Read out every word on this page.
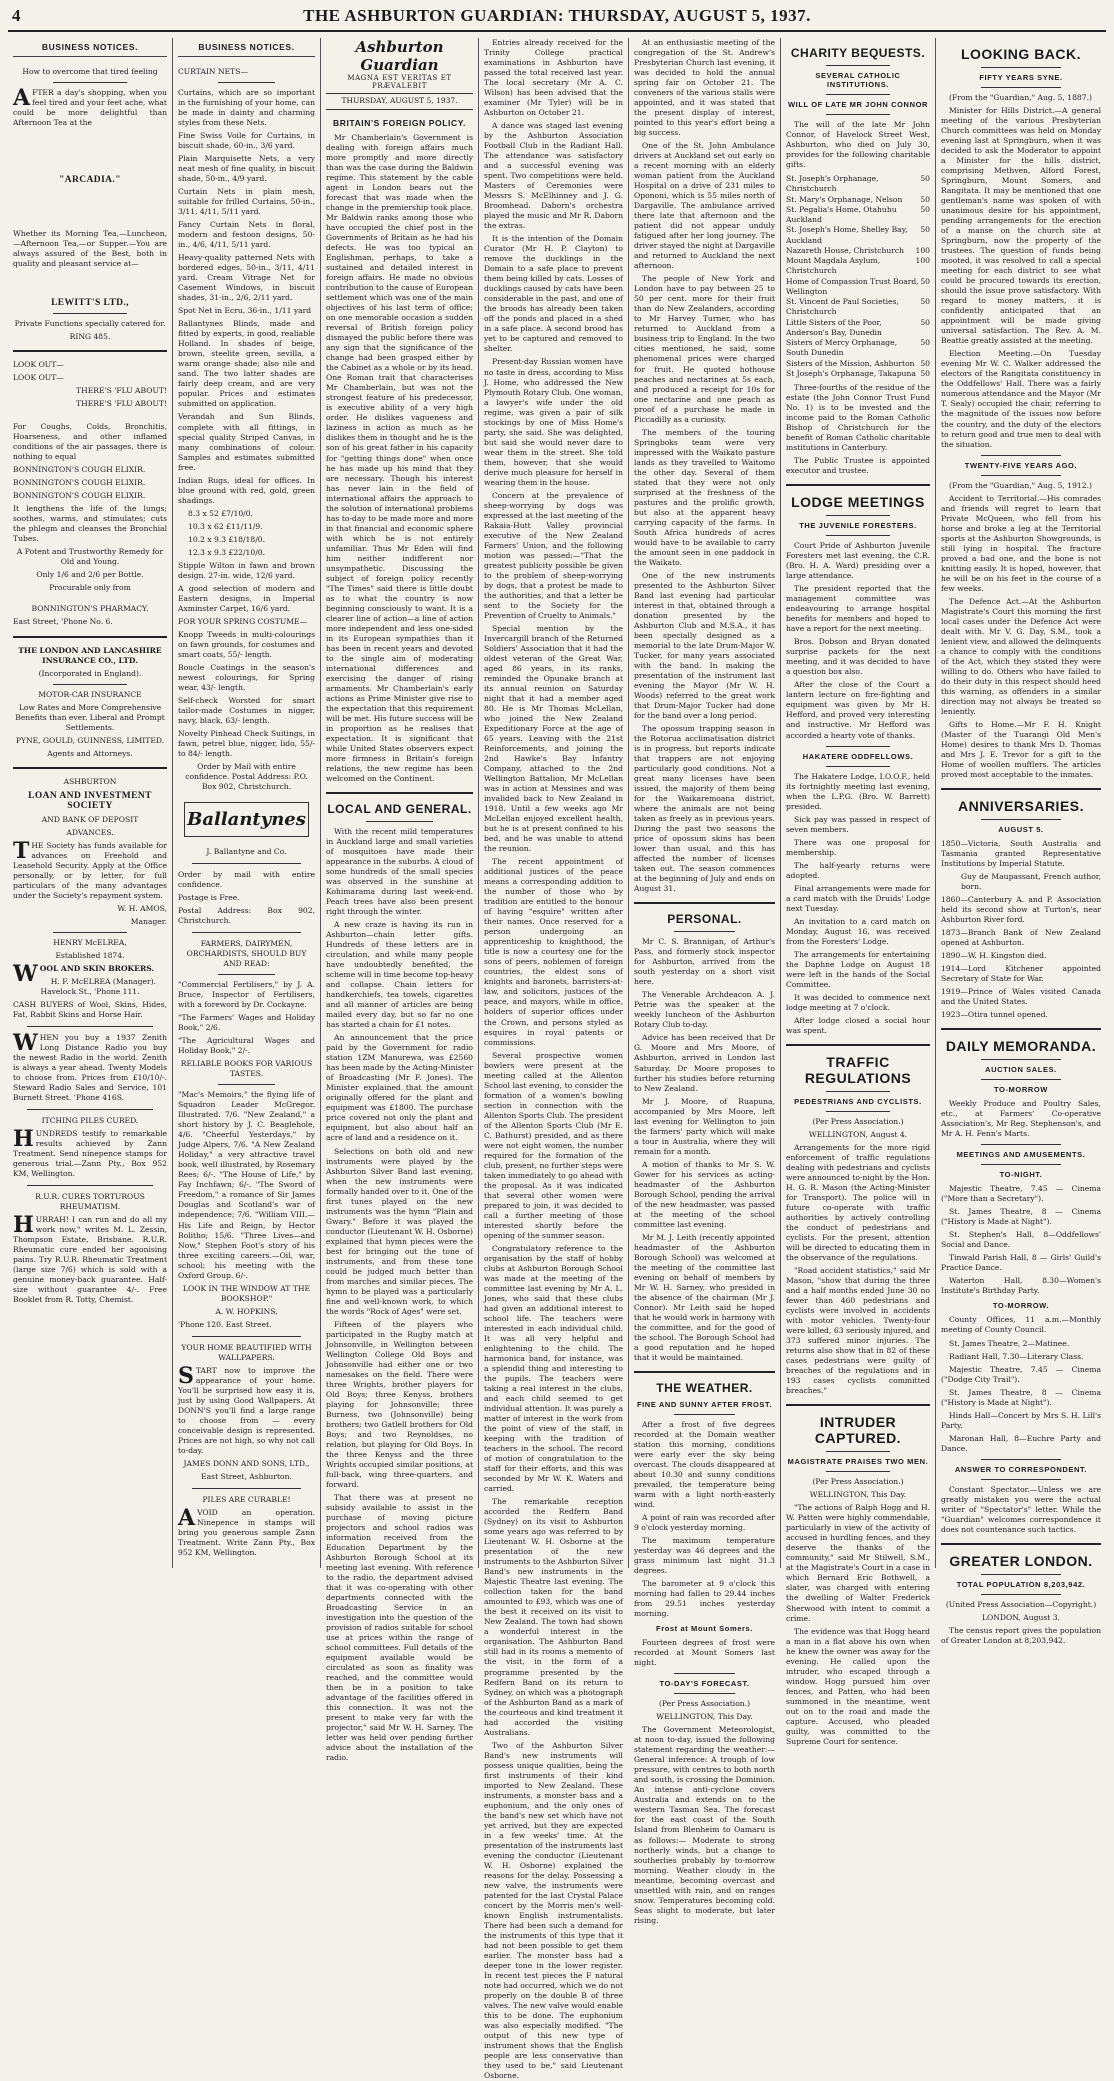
4	THE ASHBURTON GUARDIAN: THURSDAY, AUGUST 5, 1937.
BUSINESS NOTICES.

How to overcome that tired feeling

AFTER a day's shopping, when you feel tired and your feet ache, what could be more delightful than Afternoon Tea at the
"ARCADIA."

Whether its Morning Tea,—Luncheon, —Afternoon Tea,—or Supper.—You are always assured of the Best, both in quality and pleasant service at—

LEWITT'S LTD.,

Private Functions specially catered for.

RING 485.

LOOK OUT—

LOOK OUT—

THERE'S 'FLU ABOUT!

THERE'S 'FLU ABOUT!

For Coughs, Colds, Bronchitis, Hoarseness, and other inflamed conditions of the air passages, there is nothing to equal

BONNINGTON'S COUGH ELIXIR.

BONNINGTON'S COUGH ELIXIR.

BONNINGTON'S COUGH ELIXIR.

It lengthens the life of the lungs; soothes, warms, and stimulates; cuts the phlegm and cleanses the Bronchial Tubes.

A Potent and Trustworthy Remedy for Old and Young.

Only 1/6 and 2/6 per Bottle.

Procurable only from

BONNINGTON'S PHARMACY.

East Street, 'Phone No. 6.

THE LONDON AND LANCASHIRE INSURANCE CO., LTD.

(Incorporated in England).

MOTOR-CAR INSURANCE

Low Rates and More Comprehensive Benefits than ever. Liberal and Prompt Settlements.

PYNE, GOULD, GUINNESS, LIMITED.

Agents and Attorneys.

ASHBURTON

LOAN AND INVESTMENT SOCIETY

AND BANK OF DEPOSIT

ADVANCES.

THE Society has funds available for advances on Freehold and Leasehold Security. Apply at the Office personally, or by letter, for full particulars of the many advantages under the Society's repayment system.

W. H. AMOS,

Manager.

HENRY McELREA,

Established 1874.

WOOL AND SKIN BROKERS.

H. F. McELREA (Manager). Havelock St., 'Phone 111.

CASH BUYERS of Wool, Skins, Hides, Fat, Rabbit Skins and Horse Hair.

WHEN you buy a 1937 Zenith Long Distance Radio you buy the newest Radio in the world. Zenith is always a year ahead. Twenty Models to choose from. Prices from £10/10/-. Steward Radio Sales and Service, 101 Burnett Street. 'Phone 416S.

ITCHING PILES CURED.

HUNDREDS testify to remarkable results achieved by Zann Treatment. Send ninepence stamps for generous trial.—Zann Pty., Box 952 KM, Wellington.

R.U.R. CURES TORTUROUS RHEUMATISM.

HURRAH! I can run and do all my work now," writes M. L. Zessin, Thompson Estate, Brisbane. R.U.R. Rheumatic cure ended her agonising pains. Try R.U.R. Rheumatic Treatment (large size 7/6) which is sold with a genuine money-back guarantee. Half-size without guarantee 4/-. Free Booklet from R. Totty, Chemist.
BUSINESS NOTICES.

CURTAIN NETS—

Curtains, which are so important in the furnishing of your home, can be made in dainty and charming styles from these Nets.

Fine Swiss Voile for Curtains, in biscuit shade, 60-in., 3/6 yard.

Plain Marquisette Nets, a very neat mesh of fine quality, in biscuit shade, 50-in., 4/9 yard.

Curtain Nets in plain mesh, suitable for frilled Curtains, 50-in., 3/11, 4/11, 5/11 yard.

Fancy Curtain Nets in floral, modern and festoon designs, 50-in., 4/6, 4/11, 5/11 yard.

Heavy-quality patterned Nets with bordered edges, 50-in., 3/11, 4/11 yard. Cream Vitrage Net for Casement Windows, in biscuit shades, 31-in., 2/6, 2/11 yard.

Spot Net in Ecru, 36-in., 1/11 yard

Ballantynes Blinds, made and fitted by experts, in good, realiable Holland. In shades of beige, brown, steelite green, sevilla, a warm orange shade; also nile and sand. The two latter shades are fairly deep cream, and are very popular. Prices and estimates submitted on application.

Verandah and Sun Blinds, complete with all fittings, in special quality Striped Canvas, in many combinations of colour. Samples and estimates submitted free.

Indian Rugs, ideal for offices. In blue ground with red, gold, green shadings.

8.3 x 52 £7/10/0.

10.3 x 62 £11/11/9.

10.2 x 9.3 £18/18/0.

12.3 x 9.3 £22/10/0.

Stipple Wilton in fawn and brown design. 27-in. wide, 12/6 yard.

A good selection of modern and Eastern designs, in Imperial Axminster Carpet, 16/6 yard.

FOR YOUR SPRING COSTUME—

Knopp Tweeds in multi-colourings on fawn grounds, for costumes and smart coats, 55/- length.

Boucle Coatings in the season's newest colourings, for Spring wear, 43/- length.

Self-check Worsted for smart tailor-made Costumes in nigger, navy, black, 63/- length.

Novelty Pinhead Check Suitings, in fawn, petrel blue, nigger, lido, 55/- to 84/- length.

Order by Mail with entire confidence. Postal Address: P.O. Box 902, Christchurch.

Ballantynes

J. Ballantyne and Co.

Order by mail with entire confidence.

Postage is Free.

Postal Address: Box 902, Christchurch.

FARMERS, DAIRYMEN, ORCHARDISTS, SHOULD BUY AND READ:

"Commercial Fertilisers," by J. A. Bruce, Inspector of Fertilisers, with a foreword by Dr. Cockayne.

"The Farmers' Wages and Holiday Book," 2/6.

"The Agricultural Wages and Holiday Book," 2/-.

RELIABLE BOOKS FOR VARIOUS TASTES.

"Mac's Memoirs," the flying life of Squadron Leader McGregor. Illustrated. 7/6. "New Zealand," a short history by J. C. Beaglehole, 4/6. "Cheerful Yesterdays," by Judge Alpers, 7/6. "A New Zealand Holiday," a very attractive travel book, well illustrated, by Rosemary Rees; 6/-. "The House of Life," by Fay Inchfawn; 6/-. "The Sword of Freedom," a romance of Sir James Douglas and Scotland's war of independence; 7/6. "William VIII.—His Life and Reign, by Hector Bolitho; 15/6. "Three Lives—and Now," Stephen Foot's story of his three exciting careers.—Oil, war, school; his meeting with the Oxford Group. 6/-.

LOOK IN THE WINDOW AT THE BOOKSHOP."

A. W. HOPKINS,

'Phone 120. East Street.

YOUR HOME BEAUTIFIED WITH WALLPAPERS.

START now to improve the appearance of your home. You'll be surprised how easy it is, just by using Good Wallpapers. At DONN'S you'll find a large range to choose from — every conceivable design is represented. Prices are not high, so why not call to-day.

JAMES DONN AND SONS, LTD.,

East Street, Ashburton.

PILES ARE CURABLE!

AVOID an operation. Ninepence in stamps will bring you generous sample Zann Treatment. Write Zann Pty., Box 952 KM, Wellington.
Ashburton Guardian
MAGNA EST VERITAS ET PRÆVALEBIT
THURSDAY, AUGUST 5, 1937.
BRITAIN'S FOREIGN POLICY.

Mr Chamberlain's Government is dealing with foreign affairs much more promptly and more directly than was the case during the Baldwin regime. This statement by the cable agent in London bears out the forecast that was made when the change in the premiership took place. Mr Baldwin ranks among those who have occupied the chief post in the Governments of Britain as he had his defects. He was too typical an Englishman, perhaps, to take a sustained and detailed interest in foreign affairs. He made no obvious contribution to the cause of European settlement which was one of the main objectives of his last term of office; on one memorable occasion a sudden reversal of British foreign policy dismayed the public before there was any sign that the significance of the change had been grasped either by the Cabinet as a whole or by its head. One Roman trait that characterises Mr Chamberlain, but was not the strongest feature of his predecessor, is executive ability of a very high order. He dislikes vagueness and laziness in action as much as he dislikes them in thought and he is the son of his great father in his capacity for "getting things done" when once he has made up his mind that they are necessary. Though his interest has never lain in the field of international affairs the approach to the solution of international problems has to-day to be made more and more in that financial and economic sphere with which he is not entirely unfamiliar. Thus Mr Eden will find him neither indifferent nor unsympathetic. Discussing the subject of foreign policy recently "The Times" said there is little doubt as to what the country is now beginning consciously to want. It is a clearer line of action—a line of action more independent and less one-sided in its European sympathies than it has been in recent years and devoted to the single aim of moderating international differences and exercising the danger of rising armaments. Mr Chamberlain's early actions as Prime Minister give rise to the expectation that this requirement will be met. His future success will be in proportion as he realises that expectation. It is significant that while United States observers expect more firmness in Britain's foreign relations, the new regime has been welcomed on the Continent.

LOCAL AND GENERAL.

With the recent mild temperatures in Auckland large and small varieties of mosquitoes have made their appearance in the suburbs. A cloud of some hundreds of the small species was observed in the sunshine at Kohimarama during last week-end. Peach trees have also been present right through the winter.

A new craze is having its run in Ashburton—chain letter gifts. Hundreds of these letters are in circulation, and while many people have undoubtedly benefited, the scheme will in time become top-heavy and collapse. Chain letters for handkerchiefs, tea towels, cigarettes and all manner of articles are being mailed every day, but so far no one has started a chain for £1 notes.

An announcement that the price paid by the Government for radio station 1ZM Manurewa, was £2560 has been made by the Acting-Minister of Broadcasting (Mr F. Jones). The Minister explained that the amount originally offered for the plant and equipment was £1800. The purchase price covered not only the plant and equipment, but also about half an acre of land and a residence on it.

Selections on both old and new instruments were played by the Ashburton Silver Band last evening, when the new instruments were formally handed over to it. One of the first tunes played on the new instruments was the hymn "Plain and Gwary." Before it was played the conductor (Lieutenant W. H. Osborne) explained that hymn pieces were the best for bringing out the tone of instruments, and from these tone could be judged much better than from marches and similar pieces. The hymn to be played was a particularly fine and well-known work, to which the words "Rock of Ages" were set.

Fifteen of the players who participated in the Rugby match at Johnsonville, in Wellington between Wellington College Old Boys and Johnsonville had either one or two namesakes on the field. There were three Wrights, brother players for Old Boys; three Kenyss, brothers playing for Johnsonville; three Burness, two (Johnsonville) being brothers; two Gatlell brothers for Old Boys; and two Reynoldses, no relation, but playing for Old Boys. In the three Kenyss and the three Wrights occupied similar positions, at full-back, wing three-quarters, and forward.

That there was at present no subsidy available to assist in the purchase of moving picture projectors and school radios was information received from the Education Department by the Ashburton Borough School at its meeting last evening. With reference to the radio, the department advised that it was co-operating with other departments connected with the Broadcasting Service in an investigation into the question of the provision of radios suitable for school use at prices within the range of school committees. Full details of the equipment available would be circulated as soon as finality was reached, and the committee would then be in a position to take advantage of the facilities offered in this connection. It was not the present to make very far with the projector," said Mr W. H. Sarney. The letter was held over pending further advice about the installation of the radio.

Entries already received for the Trinity College practical examinations in Ashburton have passed the total received last year. The local secretary (Mr A. C. Wilson) has been advised that the examiner (Mr Tyler) will be in Ashburton on October 21.

A dance was staged last evening by the Ashburton Association Football Club in the Radiant Hall. The attendance was satisfactory and a successful evening was spent. Two competitions were held. Masters of Ceremonies were Messrs S. McElhinney and J. G. Broomhead. Daborn's orchestra played the music and Mr R. Daborn the extras.

It is the intention of the Domain Curator (Mr H. P. Clayton) to remove the ducklings in the Domain to a safe place to prevent them being killed by cats. Losses of ducklings caused by cats have been considerable in the past, and one of the broods has already been taken off the ponds and placed in a shed in a safe place. A second brood has yet to be captured and removed to shelter.

Present-day Russian women have no taste in dress, according to Miss J. Home, who addressed the New Plymouth Rotary Club. One woman, a lawyer's wife under the old regime, was given a pair of silk stockings by one of Miss Home's party, she said. She was delighted, but said she would never dare to wear them in the street. She told them, however, that she would derive much pleasure for herself in wearing them in the house.

Concern at the prevalence of sheep-worrying by dogs was expressed at the last meeting of the Rakaia-Hutt Valley provincial executive of the New Zealand Farmers' Union, and the following motion was passed:—"That the greatest publicity possible be given to the problem of sheep-worrying by dogs, that a protest be made to the authorities, and that a letter be sent to the Society for the Prevention of Cruelty to Animals."

Special mention by the Invercargill branch of the Returned Soldiers' Association that it had the oldest veteran of the Great War, aged 86 years, in its ranks, reminded the Opunake branch at its annual reunion on Saturday night that it had a member aged 80. He is Mr Thomas McLellan, who joined the New Zealand Expeditionary Force at the age of 65 years. Leaving with the 21st Reinforcements, and joining the 2nd Hawke's Bay Infantry Company, attached to the 2nd Wellington Battalion, Mr McLellan was in action at Messines and was invalided back to New Zealand in 1918. Until a few weeks ago Mr McLellan enjoyed excellent health, but he is at present confined to his bed, and he was unable to attend the reunion.

The recent appointment of additional justices of the peace means a corresponding addition to the number of those who by tradition are entitled to the honour of having "esquire" written after their names. Once reserved for a person undergoing an apprenticeship to knighthood, the title is now a courtesy one for the sons of peers, noblemen of foreign countries, the eldest sons of knights and baronets, barristers-at-law, and solicitors, justices of the peace, and mayors, while in office, holders of superior offices under the Crown, and persons styled as esquires in royal patents or commissions.

Several prospective women bowlers were present at the meeting called at the Allenton School last evening, to consider the formation of a women's bowling section in connection with the Allenton Sports Club. The president of the Allenton Sports Club (Mr E. C. Bathurst) presided, and as there were not eight women, the number required for the formation of the club, present, no further steps were taken immediately to go ahead with the proposal. As it was indicated that several other women were prepared to join, it was decided to call a further meeting of those interested shortly before the opening of the summer season.

Congratulatory reference to the organisation by the staff of hobby clubs at Ashburton Borough School was made at the meeting of the committee last evening by Mr A. L. Jones, who said that these clubs had given an additional interest to school life. The teachers were interested in each individual child. It was all very helpful and enlightening to the child. The harmonica band, for instance, was a splendid thing and interesting to the pupils. The teachers were taking a real interest in the clubs, and each child seemed to get individual attention. It was purely a matter of interest in the work from the point of view of the staff, in keeping with the tradition of teachers in the school. The record of motion of congratulation to the staff for their efforts, and this was seconded by Mr W. K. Waters and carried.

The remarkable reception accorded the Redfern Band (Sydney) on its visit to Ashburton some years ago was referred to by Lieutenant W. H. Osborne at the presentation of the new instruments to the Ashburton Silver Band's new instruments in the Majestic Theatre last evening. The collection taken for the band amounted to £93, which was one of the best it received on its visit to New Zealand. The town had shown a wonderful interest in the organisation. The Ashburton Band still had in its rooms a memento of the visit, in the form of a programme presented by the Redfern Band on its return to Sydney, on which was a photograph of the Ashburton Band as a mark of the courteous and kind treatment it had accorded the visiting Australians.

Two of the Ashburton Silver Band's new instruments will possess unique qualities, being the first instruments of their kind imported to New Zealand. These instruments, a monster bass and a euphonium, and the only ones of the band's new set which have not yet arrived, but they are expected in a few weeks' time. At the presentation of the instruments last evening the conductor (Lieutenant W. H. Osborne) explained the reasons for the delay. Possessing a new valve, the instruments were patented for the last Crystal Palace concert by the Morris men's well-known English instrumentalists. There had been such a demand for the instruments of this type that it had not been possible to get them earlier. The monster bass had a deeper tone in the lower register. In recent test pieces the F natural note had occurred, which we do not properly on the double B of three valves. The new valve would enable this to be done. The euphonium was also especially modified. "The output of this new type of instrument shows that the English people are less conservative than they used to be," said Lieutenant Osborne.

At an enthusiastic meeting of the congregation of the St. Andrew's Presbyterian Church last evening, it was decided to hold the annual spring fair on October 21. The conveners of the various stalls were appointed, and it was stated that the present display of interest, pointed to this year's effort being a big success.

One of the St. John Ambulance drivers at Auckland set out early on a recent morning with an elderly woman patient from the Auckland Hospital on a drive of 231 miles to Opononi, which is 55 miles north of Dargaville. The ambulance arrived there late that afternoon and the patient did not appear unduly fatigued after her long journey. The driver stayed the night at Dargaville and returned to Auckland the next afternoon.

The people of New York and London have to pay between 25 to 50 per cent. more for their fruit than do New Zealanders, according to Mr Harvey Turner, who has returned to Auckland from a business trip to England. In the two cities mentioned, he said, some phenomenal prices were charged for fruit. He quoted hothouse peaches and nectarines at 5s each, and produced a receipt for 10s for one nectarine and one peach as proof of a purchase he made in Piccadilly as a curiosity.

The members of the touring Springboks team were very impressed with the Waikato pasture lands as they travelled to Waitomo the other day. Several of them stated that they were not only surprised at the freshness of the pastures and the prolific growth, but also at the apparent heavy carrying capacity of the farms. In South Africa hundreds of acres would have to be available to carry the amount seen in one paddock in the Waikato.

One of the new instruments presented to the Ashburton Silver Band last evening had particular interest in that, obtained through a donation presented by the Ashburton Club and M.S.A., it has been specially designed as a memorial to the late Drum-Major W. Tucker, for many years associated with the band. In making the presentation of the instrument last evening the Mayor (Mr W. H. Woods) referred to the great work that Drum-Major Tucker had done for the band over a long period.

The opossum trapping season in the Rotorua acclimatisation district is in progress, but reports indicate that trappers are not enjoying particularly good conditions. Not a great many licenses have been issued, the majority of them being for the Waikaremoana district, where the animals are not being taken as freely as in previous years. During the past two seasons the price of opossum skins has been lower than usual, and this has affected the number of licenses taken out. The season commences at the beginning of July and ends on August 31.

PERSONAL.

Mr C. S. Brannigan, of Arthur's Pass, and formerly stock inspector for Ashburton, arrived from the south yesterday on a short visit here.

The Venerable Archdeacon A. J. Petrie was the speaker at the weekly luncheon of the Ashburton Rotary Club to-day.

Advice has been received that Dr G. Moore and Mrs Moore, of Ashburton, arrived in London last Saturday. Dr Moore proposes to further his studies before returning to New Zealand.

Mr J. Moore, of Ruapuna, accompanied by Mrs Moore, left last evening for Wellington to join the farmers' party which will make a tour in Australia, where they will remain for a month.

A motion of thanks to Mr S. W. Gower for his services as acting-headmaster of the Ashburton Borough School, pending the arrival of the new headmaster, was passed at the meeting of the school committee last evening.

Mr M. J. Leith (recently appointed headmaster of the Ashburton Borough School) was welcomed at the meeting of the committee last evening on behalf of members by Mr W. H. Sarney, who presided in the absence of the chairman (Mr J. Connor). Mr Leith said he hoped that he would work in harmony with the committee, and for the good of the school. The Borough School had a good reputation and he hoped that it would be maintained.

THE WEATHER.
FINE AND SUNNY AFTER FROST.

After a frost of five degrees recorded at the Domain weather station this morning, conditions were early ever the sky being overcast. The clouds disappeared at about 10.30 and sunny conditions prevailed, the temperature being warm with a light north-easterly wind.

A point of rain was recorded after 9 o'clock yesterday morning.

The maximum temperature yesterday was 46 degrees and the grass minimum last night 31.3 degrees.

The barometer at 9 o'clock this morning had fallen to 29.44 inches from 29.51 inches yesterday morning.

Frost at Mount Somers.

Fourteen degrees of frost were recorded at Mount Somers last night.

TO-DAY'S FORECAST.

(Per Press Association.)

WELLINGTON, This Day.

The Government Meteorologist, at noon to-day, issued the following statement regarding the weather:— General inference: A trough of low pressure, with centres to both north and south, is crossing the Dominion. An intense anti-cyclone covers Australia and extends on to the western Tasman Sea. The forecast for the east coast of the South Island from Blenheim to Oamaru is as follows:— Moderate to strong northerly winds, but a change to southerlies probably by to-morrow morning. Weather cloudy in the meantime, becoming overcast and unsettled with rain, and on ranges snow. Temperatures becoming cold. Seas slight to moderate, but later rising.

CHARITY BEQUESTS.
SEVERAL CATHOLIC INSTITUTIONS.
WILL OF LATE MR JOHN CONNOR

The will of the late Mr John Connor, of Havelock Street West, Ashburton, who died on July 30, provides for the following charitable gifts.

St. Joseph's Orphanage, Christchurch
50
St. Mary's Orphanage, Nelson 50
St. Pegalia's Home, Otahuhu Auckland
50
St. Joseph's Home, Shelley Bay, Auckland
50
Nazareth House, Christchurch 100
Mount Magdala Asylum, Christchurch
100
Home of Compassion Trust Board, Wellington
50
St. Vincent de Paul Societies, Christchurch
50
Little Sisters of the Poor, Anderson's Bay, Dunedin
50
Sisters of Mercy Orphanage, South Dunedin
50
Sisters of the Mission, Ashburton 50
St Joseph's Orphanage, Takapuna 50

Three-fourths of the residue of the estate (the John Connor Trust Fund No. 1) is to be invested and the income paid to the Roman Catholic Bishop of Christchurch for the benefit of Roman Catholic charitable institutions in Canterbury.

The Public Trustee is appointed executor and trustee.

LODGE MEETINGS
THE JUVENILE FORESTERS.

Court Pride of Ashburton Juvenile Foresters met last evening, the C.R. (Bro. H. A. Ward) presiding over a large attendance.

The president reported that the management committee was endeavouring to arrange hospital benefits for members and hoped to have a report for the next meeting.

Bros. Dobson and Bryan donated surprise packets for the next meeting, and it was decided to have a question box also.

After the close of the Court a lantern lecture on fire-fighting and equipment was given by Mr H. Hefford, and proved very interesting and instructive. Mr Hefford was accorded a hearty vote of thanks.

HAKATERE ODDFELLOWS.

The Hakatere Lodge, I.O.O.F., held its fortnightly meeting last evening, when the L.P.G. (Bro. W. Barrett) presided.

Sick pay was passed in respect of seven members.

There was one proposal for membership.

The half-yearly returns were adopted.

Final arrangements were made for a card match with the Druids' Lodge next Tuesday.

An invitation to a card match on Monday, August 16, was received from the Foresters' Lodge.

The arrangements for entertaining the Daphne Lodge on August 18 were left in the hands of the Social Committee.

It was decided to commence next lodge meeting at 7 o'clock.

After lodge closed a social hour was spent.

TRAFFIC REGULATIONS
PEDESTRIANS AND CYCLISTS.

(Per Press Association.)

WELLINGTON, August 4.

Arrangements for the more rigid enforcement of traffic regulations dealing with pedestrians and cyclists were announced to-night by the Hon. H. G. R. Mason (the Acting-Minister for Transport). The police will in future co-operate with traffic authorities by actively controlling the conduct of pedestrians and cyclists. For the present, attention will be directed to educating them in the observance of the regulations.

"Road accident statistics," said Mr Mason, "show that during the three and a half months ended June 30 no fewer than 460 pedestrians and cyclists were involved in accidents with motor vehicles. Twenty-four were killed, 63 seriously injured, and 373 suffered minor injuries. The returns also show that in 82 of these cases pedestrians were guilty of breaches of the regulations and in 193 cases cyclists committed breaches."

INTRUDER CAPTURED.
MAGISTRATE PRAISES TWO MEN.

(Per Press Association.)

WELLINGTON, This Day.

"The actions of Ralph Hogg and H. W. Patten were highly commendable, particularly in view of the activity of accused in hurdling fences, and they deserve the thanks of the community," said Mr Stilwell, S.M., at the Magistrate's Court in a case in which Bernard Eric Bothwell, a slater, was charged with entering the dwelling of Walter Frederick Sherwood with intent to commit a crime.

The evidence was that Hogg heard a man in a flat above his own when he knew the owner was away for the evening. He called upon the intruder, who escaped through a window. Hogg pursued him over fences, and Patten, who had been summoned in the meantime, went out on to the road and made the capture. Accused, who pleaded guilty, was committed to the Supreme Court for sentence.

LOOKING BACK.
FIFTY YEARS SYNE.

(From the "Guardian," Aug. 5, 1887.)

Minister for Hills District.—A general meeting of the various Presbyterian Church committees was held on Monday evening last at Springburn, when it was decided to ask the Moderator to appoint a Minister for the hills district, comprising Methven, Alford Forest, Springburn, Mount Somers, and Rangitata. It may be mentioned that one gentleman's name was spoken of with unanimous desire for his appointment, pending arrangements for the erection of a manse on the church site at Springburn, now the property of the trustees. The question of funds being mooted, it was resolved to call a special meeting for each district to see what could be procured towards its erection, should the issue prove satisfactory. With regard to money matters, it is confidently anticipated that an appointment will be made giving universal satisfaction. The Rev. A. M. Beattie greatly assisted at the meeting.

Election Meeting.—On Tuesday evening Mr W. C. Walker addressed the electors of the Rangitata constituency in the Oddfellows' Hall. There was a fairly numerous attendance and the Mayor (Mr T. Sealy) occupied the chair, referring to the magnitude of the issues now before the country, and the duty of the electors to return good and true men to deal with the situation.

TWENTY-FIVE YEARS AGO.

(From the "Guardian," Aug. 5, 1912.)

Accident to Territorial.—His comrades and friends will regret to learn that Private McQueen, who fell from his horse and broke a leg at the Territorial sports at the Ashburton Showgrounds, is still lying in hospital. The fracture proved a bad one, and the bone is not knitting easily. It is hoped, however, that he will be on his feet in the course of a few weeks.

The Defence Act.—At the Ashburton Magistrate's Court this morning the first local cases under the Defence Act were dealt with. Mr V. G. Day, S.M., took a lenient view, and allowed the delinquents a chance to comply with the conditions of the Act, which they stated they were willing to do. Others who have failed to do their duty in this respect should heed this warning, as offenders in a similar direction may not always be treated so leniently.

Gifts to Home.—Mr F. H. Knight (Master of the Tuarangi Old Men's Home) desires to thank Mrs D. Thomas and Mrs J. E. Trevor for a gift to the Home of woollen mufflers. The articles proved most acceptable to the inmates.

ANNIVERSARIES.
AUGUST 5.

1850—Victoria, South Australia and Tasmania granted Representative Institutions by Imperial Statute.

Guy de Maupassant, French author, born.

1860—Canterbury A. and P. Association held its second show at Turton's, near Ashburton River ford.

1873—Branch Bank of New Zealand opened at Ashburton.

1890—W. H. Kingston died.

1914—Lord Kitchener appointed Secretary of State for War.

1919—Prince of Wales visited Canada and the United States.

1923—Otira tunnel opened.

DAILY MEMORANDA.
AUCTION SALES.
TO-MORROW

Weekly Produce and Poultry Sales, etc., at Farmers' Co-operative Association's, Mr Reg. Stephenson's, and Mr A. H. Fenn's Marts.

MEETINGS AND AMUSEMENTS.
TO-NIGHT.

Majestic Theatre, 7.45 — Cinema ("More than a Secretary").

St. James Theatre, 8 — Cinema ("History is Made at Night").

St. Stephen's Hall, 8—Oddfellows' Social and Dance.

Tinwald Parish Hall, 8 — Girls' Guild's Practice Dance.

Waterton Hall, 8.30—Women's Institute's Birthday Party.

TO-MORROW.

County Offices, 11 a.m.—Monthly meeting of County Council.

St. James Theatre, 2—Matinee.

Radiant Hall, 7.30—Literary Class.

Majestic Theatre, 7.45 — Cinema ("Dodge City Trail").

St. James Theatre, 8 — Cinema ("History is Made at Night").

Hinds Hall—Concert by Mrs S. H. Lill's Party.

Maronan Hall, 8—Euchre Party and Dance.

ANSWER TO CORRESPONDENT.

Constant Spectator.—Unless we are greatly mistaken you were the actual writer of "Spectator's" letter. While the "Guardian" welcomes correspondence it does not countenance such tactics.

GREATER LONDON.
TOTAL POPULATION 8,203,942.

(United Press Association—Copyright.)

LONDON, August 3.

The census report gives the population of Greater London at 8,203,942.
